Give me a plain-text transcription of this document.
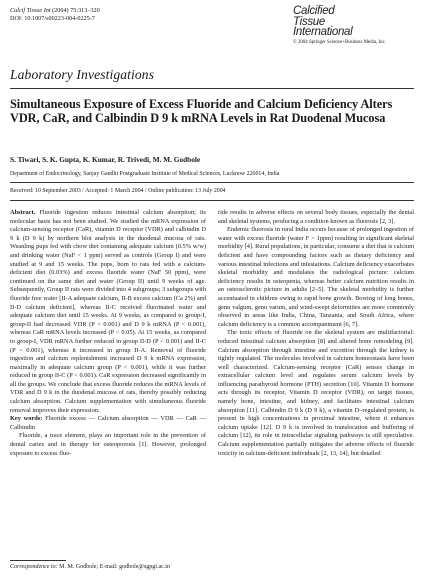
Calcif Tissue Int (2004) 75:313–320
DOI: 10.1007/s00223-004-0225-7
Calcified
Tissue
International
© 2004 Springer Science+Business Media, Inc.
Laboratory Investigations
Simultaneous Exposure of Excess Fluoride and Calcium Deficiency Alters VDR, CaR, and Calbindin D 9 k mRNA Levels in Rat Duodenal Mucosa
S. Tiwari, S. K. Gupta, K. Kumar, R. Trivedi, M. M. Godbole
Department of Endocrinology, Sanjay Gandhi Postgraduate Institute of Medical Sciences, Lucknow 226014, India
Received: 10 September 2003 / Accepted: 1 March 2004 / Online publication: 13 July 2004

Abstract. Fluoride ingestion reduces intestinal calcium absorption; its molecular basis has not been studied. We studied the mRNA expression of calcium-sensing receptor (CaR), vitamin D receptor (VDR) and calbindin D 9 k (D 9 k) by northern blot analysis in the duodenal mucosa of rats. Weanling pups fed with chow diet containing adequate calcium (0.5% w/w) and drinking water (NaF < 1 ppm) served as controls (Group I) and were studied at 9 and 15 weeks. The pups, born to rats fed with a calcium-deficient diet (0.03%) and excess fluoride water (NaF 50 ppm), were continued on the same diet and water (Group II) until 9 weeks of age. Subsequently, Group II rats were divided into 4 subgroups; 3 subgroups with fluoride free water [II-A adequate calcium, II-B excess calcium (Ca 2%) and II-D calcium deficient], whereas II-C received fluorinated water and adequate calcium diet until 15 weeks. At 9 weeks, as compared to group-I, group-II had decreased VDR (P < 0.001) and D 9 k mRNA (P < 0.001), whereas CaR mRNA levels increased (P < 0.05). At 15 weeks, as compared to group-I, VDR mRNA further reduced in group II-D (P < 0.001) and II-C (P < 0.001), whereas it increased in group II-A. Removal of fluoride ingestion and calcium replenishment increased D 9 k mRNA expression, maximally in adequate calcium group (P < 0.001), while it was further reduced in group II-C (P < 0.001). CaR expression decreased significantly in all the groups. We conclude that excess fluoride reduces the mRNA levels of VDR and D 9 k in the duodenal mucosa of rats, thereby possibly reducing calcium absorption. Calcium supplementation with simultaneous fluoride removal improves their expression.

Key words: Fluoride excess — Calcium absorption — VDR — CaR — Calbindin

Fluoride, a trace element, plays an important role in the prevention of dental caries and in therapy for osteoporosis [1]. However, prolonged exposure to excess fluo-

ride results in adverse effects on several body tissues, especially the dental and skeletal systems, producing a condition known as fluorosis [2, 3].

Endemic fluorosis in rural India occurs because of prolonged ingestion of water with excess fluoride (water F > 1ppm) resulting in significant skeletal morbidity [4]. Rural populations, in particular, consume a diet that is calcium deficient and have compounding factors such as dietary deficiency and various intestinal infections and infestations. Calcium deficiency exacerbates skeletal morbidity and modulates the radiological picture: calcium deficiency results in osteopenia, whereas better calcium nutrition results in an osteosclerotic picture in adults [2–5]. The skeletal morbidity is further accentuated in children owing to rapid bone growth. Bowing of long bones, genu valgum, genu varum, and wind-swept deformities are more commonly observed in areas like India, China, Tanzania, and South Africa, where calcium deficiency is a common accompaniment [6, 7].

The toxic effects of fluoride on the skeletal system are multifactorial: reduced intestinal calcium absorption [8] and altered bone remodeling [9]. Calcium absorption through intestine and excretion through the kidney is tightly regulated. The molecules involved in calcium homeostasis have been well characterized. Calcium-sensing receptor (CaR) senses change in extracellular calcium level and regulates serum calcium levels by influencing parathyroid hormone (PTH) secretion [10]. Vitamin D hormone acts through its receptor, Vitamin D receptor (VDR), on target tissues, namely bone, intestine, and kidney, and facilitates intestinal calcium absorption [11]. Calbindin D 9 k (D 9 k), a vitamin D–regulated protein, is present in high concentrations in proximal intestine, where it enhances calcium uptake [12]. D 9 k is involved in translocation and buffering of calcium [12], its role in intracellular signaling pathways is still speculative. Calcium supplementation partially mitigates the adverse effects of fluoride toxicity in calcium-deficient individuals [2, 13, 14], but detailed

Correspondence to: M. M. Godbole; E-mail: godbole@sgpgi.ac.in
